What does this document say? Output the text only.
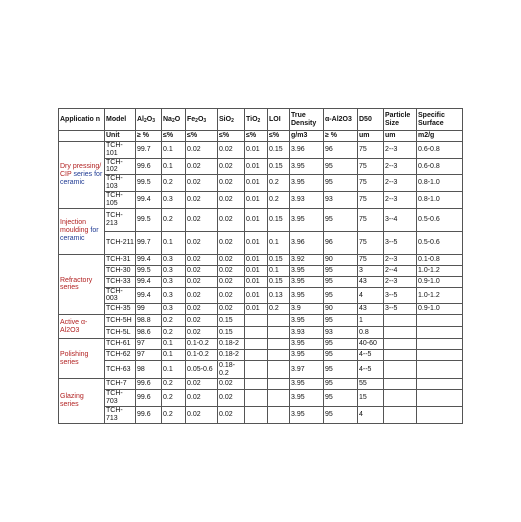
Applicatio n	Model	Al2O3	Na2O	Fe2O3	SiO2	TiO2	LOI	True Density	α-Al2O3	D50	Particle Size	Specific Surface
	Unit	≥ %	≤%	≤%	≤%	≤%	≤%	g/m3	≥ %	um	um	m2/g
Dry pressing/ CIP series for ceramic	TCH-101	99.7	0.1	0.02	0.02	0.01	0.15	3.96	96	75	2--3	0.6-0.8
	TCH-102	99.6	0.1	0.02	0.02	0.01	0.15	3.95	95	75	2--3	0.6-0.8
	TCH-103	99.5	0.2	0.02	0.02	0.01	0.2	3.95	95	75	2--3	0.8-1.0
	TCH-105	99.4	0.3	0.02	0.02	0.01	0.2	3.93	93	75	2--3	0.8-1.0
Injection moulding for ceramic	TCH-213	99.5	0.2	0.02	0.02	0.01	0.15	3.95	95	75	3--4	0.5-0.6
	TCH-211	99.7	0.1	0.02	0.02	0.01	0.1	3.96	96	75	3--5	0.5-0.6
Refractory series	TCH-31	99.4	0.3	0.02	0.02	0.01	0.15	3.92	90	75	2--3	0.1-0.8
	TCH-30	99.5	0.3	0.02	0.02	0.01	0.1	3.95	95	3	2--4	1.0-1.2
	TCH-33	99.4	0.3	0.02	0.02	0.01	0.15	3.95	95	43	2--3	0.9-1.0
	TCH-003	99.4	0.3	0.02	0.02	0.01	0.13	3.95	95	4	3--5	1.0-1.2
	TCH-35	99	0.3	0.02	0.02	0.01	0.2	3.9	90	43	3--5	0.9-1.0
Active α- Al2O3	TCH-5H	98.8	0.2	0.02	0.15			3.95	95	1		
	TCH-5L	98.6	0.2	0.02	0.15			3.93	93	0.8		
Polishing series	TCH-61	97	0.1	0.1-0.2	0.18-2			3.95	95	40-60		
	TCH-62	97	0.1	0.1-0.2	0.18-2			3.95	95	4--5		
	TCH-63	98	0.1	0.05-0.6	0.18- 0.2			3.97	95	4--5		
Glazing series	TCH-7	99.6	0.2	0.02	0.02			3.95	95	55		
	TCH-703	99.6	0.2	0.02	0.02			3.95	95	15		
	TCH-713	99.6	0.2	0.02	0.02			3.95	95	4		
